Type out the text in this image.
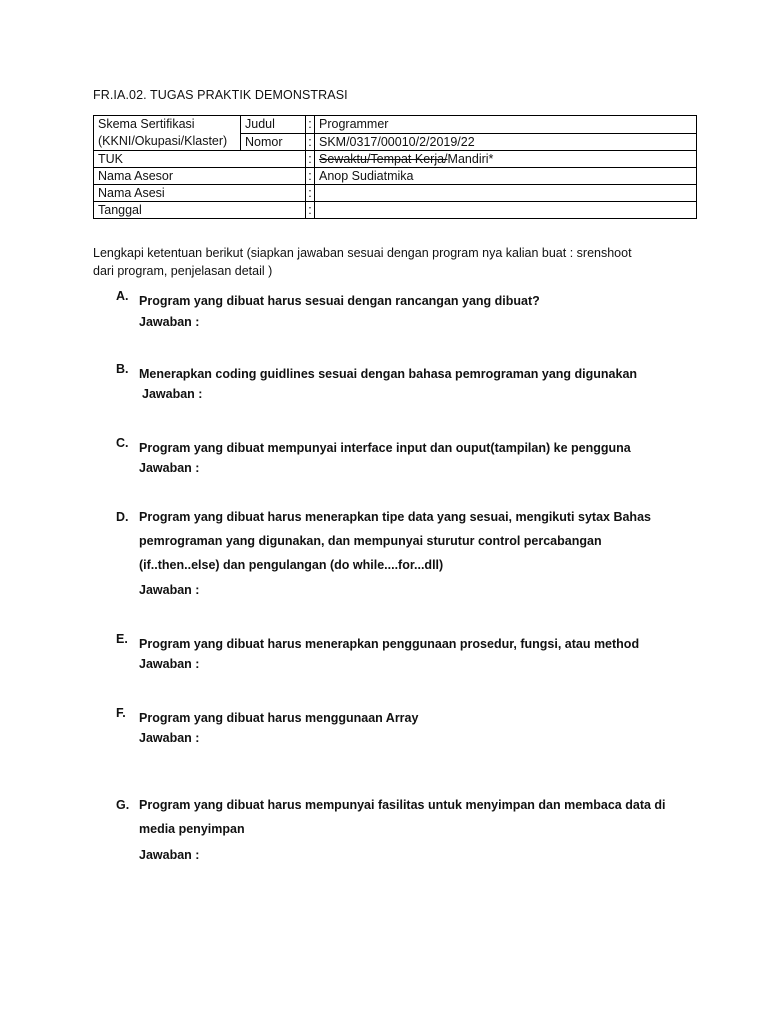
FR.IA.02. TUGAS PRAKTIK DEMONSTRASI
Skema Sertifikasi
(KKNI/Okupasi/Klaster)	Judul	:	Programmer
	Nomor	:	SKM/0317/00010/2/2019/22
TUK		:	Sewaktu/Tempat Kerja/Mandiri*
Nama Asesor		:	Anop Sudiatmika
Nama Asesi		:	
Tanggal		:	
Lengkapi ketentuan berikut (siapkan jawaban sesuai dengan program nya kalian buat : srenshoot
dari program, penjelasan detail )
A. Program yang dibuat harus sesuai dengan rancangan yang dibuat?
Jawaban :
B. Menerapkan coding guidlines sesuai dengan bahasa pemrograman yang digunakan
Jawaban :
C. Program yang dibuat mempunyai interface input dan ouput(tampilan) ke pengguna
Jawaban :
D. Program yang dibuat harus menerapkan tipe data yang sesuai, mengikuti sytax Bahas
pemrograman yang digunakan, dan mempunyai sturutur control percabangan
(if..then..else) dan pengulangan (do while....for...dll)
Jawaban :
E. Program yang dibuat harus menerapkan penggunaan prosedur, fungsi, atau method
Jawaban :
F.	Program yang dibuat harus menggunaan Array
Jawaban :
G. Program yang dibuat harus mempunyai fasilitas untuk menyimpan dan membaca data di
media penyimpan
Jawaban :
